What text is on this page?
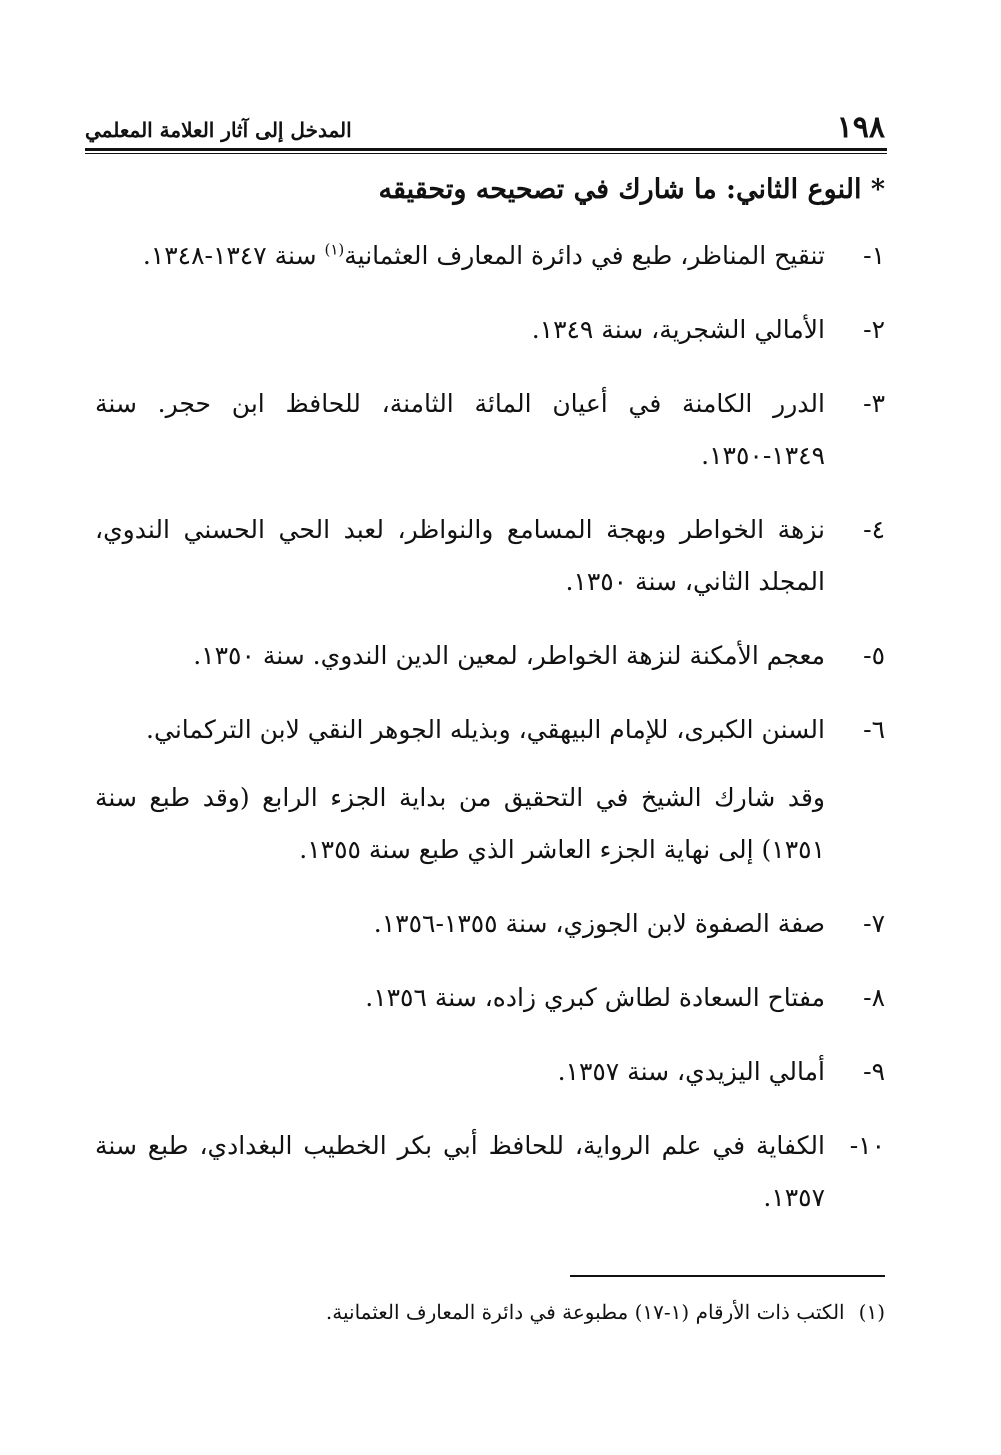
١٩٨
المدخل إلى آثار العلامة المعلمي
* النوع الثاني: ما شارك في تصحيحه وتحقيقه
١-
تنقيح المناظر، طبع في دائرة المعارف العثمانية$^{(١)}$ سنة ١٣٤٧-١٣٤٨.
٢-
الأمالي الشجرية، سنة ١٣٤٩.
٣-
الدرر الكامنة في أعيان المائة الثامنة، للحافظ ابن حجر. سنة ١٣٤٩-١٣٥٠.
٤-
نزهة الخواطر وبهجة المسامع والنواظر، لعبد الحي الحسني الندوي، المجلد الثاني، سنة ١٣٥٠.
٥-
معجم الأمكنة لنزهة الخواطر، لمعين الدين الندوي. سنة ١٣٥٠.
٦-
السنن الكبرى، للإمام البيهقي، وبذيله الجوهر النقي لابن التركماني.
وقد شارك الشيخ في التحقيق من بداية الجزء الرابع (وقد طبع سنة ١٣٥١) إلى نهاية الجزء العاشر الذي طبع سنة ١٣٥٥.
٧-
صفة الصفوة لابن الجوزي، سنة ١٣٥٥-١٣٥٦.
٨-
مفتاح السعادة لطاش كبري زاده، سنة ١٣٥٦.
٩-
أمالي اليزيدي، سنة ١٣٥٧.
١٠-
الكفاية في علم الرواية، للحافظ أبي بكر الخطيب البغدادي، طبع سنة ١٣٥٧.
(١)الكتب ذات الأرقام (١-١٧) مطبوعة في دائرة المعارف العثمانية.
